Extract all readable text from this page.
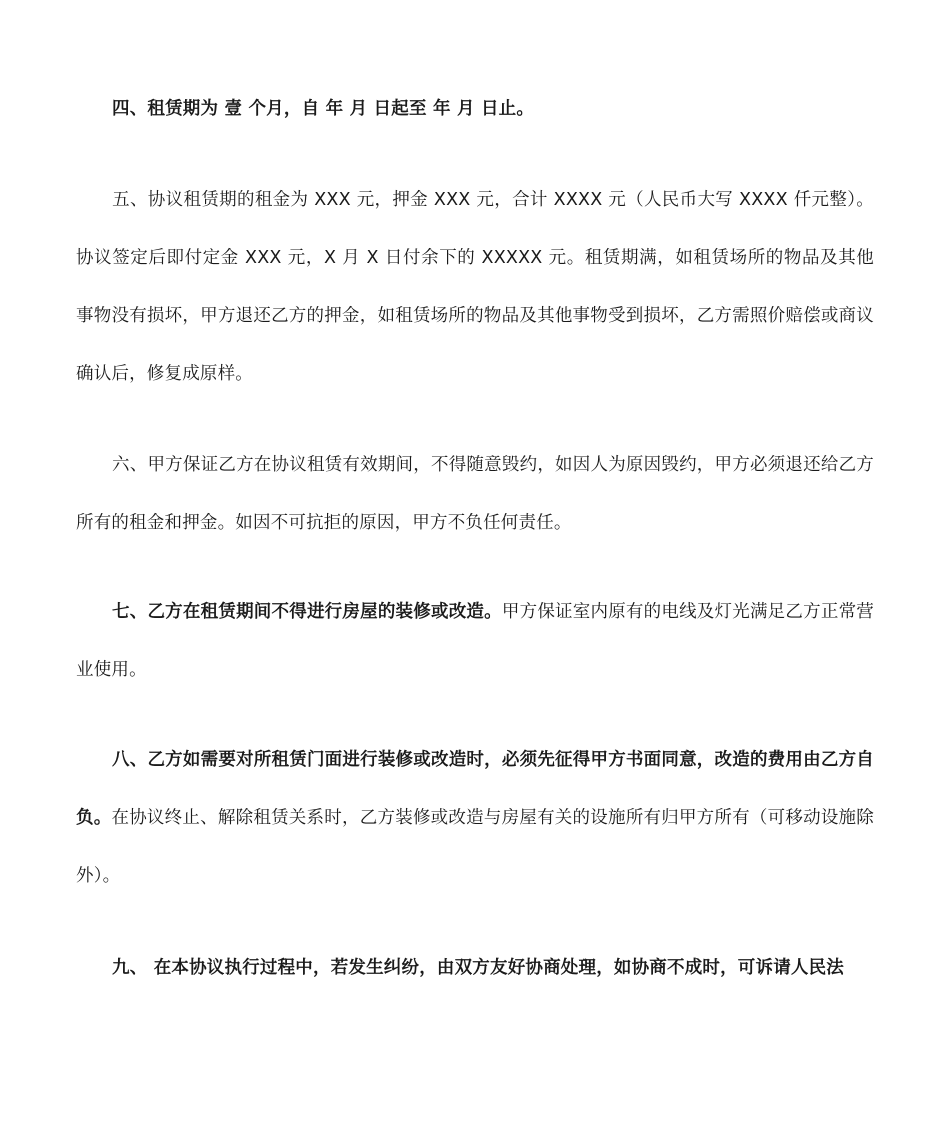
四、租赁期为 壹 个月，自 年 月 日起至 年 月 日止。

五、协议租赁期的租金为 XXX 元，押金 XXX 元，合计 XXXX 元（人民币大写 XXXX 仟元整）。协议签定后即付定金 XXX 元，X 月 X 日付余下的 XXXXX 元。租赁期满，如租赁场所的物品及其他事物没有损坏，甲方退还乙方的押金，如租赁场所的物品及其他事物受到损坏，乙方需照价赔偿或商议确认后，修复成原样。

六、甲方保证乙方在协议租赁有效期间，不得随意毁约，如因人为原因毁约，甲方必须退还给乙方所有的租金和押金。如因不可抗拒的原因，甲方不负任何责任。

七、乙方在租赁期间不得进行房屋的装修或改造。甲方保证室内原有的电线及灯光满足乙方正常营业使用。

八、乙方如需要对所租赁门面进行装修或改造时，必须先征得甲方书面同意，改造的费用由乙方自负。在协议终止、解除租赁关系时，乙方装修或改造与房屋有关的设施所有归甲方所有（可移动设施除外）。

九、 在本协议执行过程中，若发生纠纷，由双方友好协商处理，如协商不成时，可诉请人民法
